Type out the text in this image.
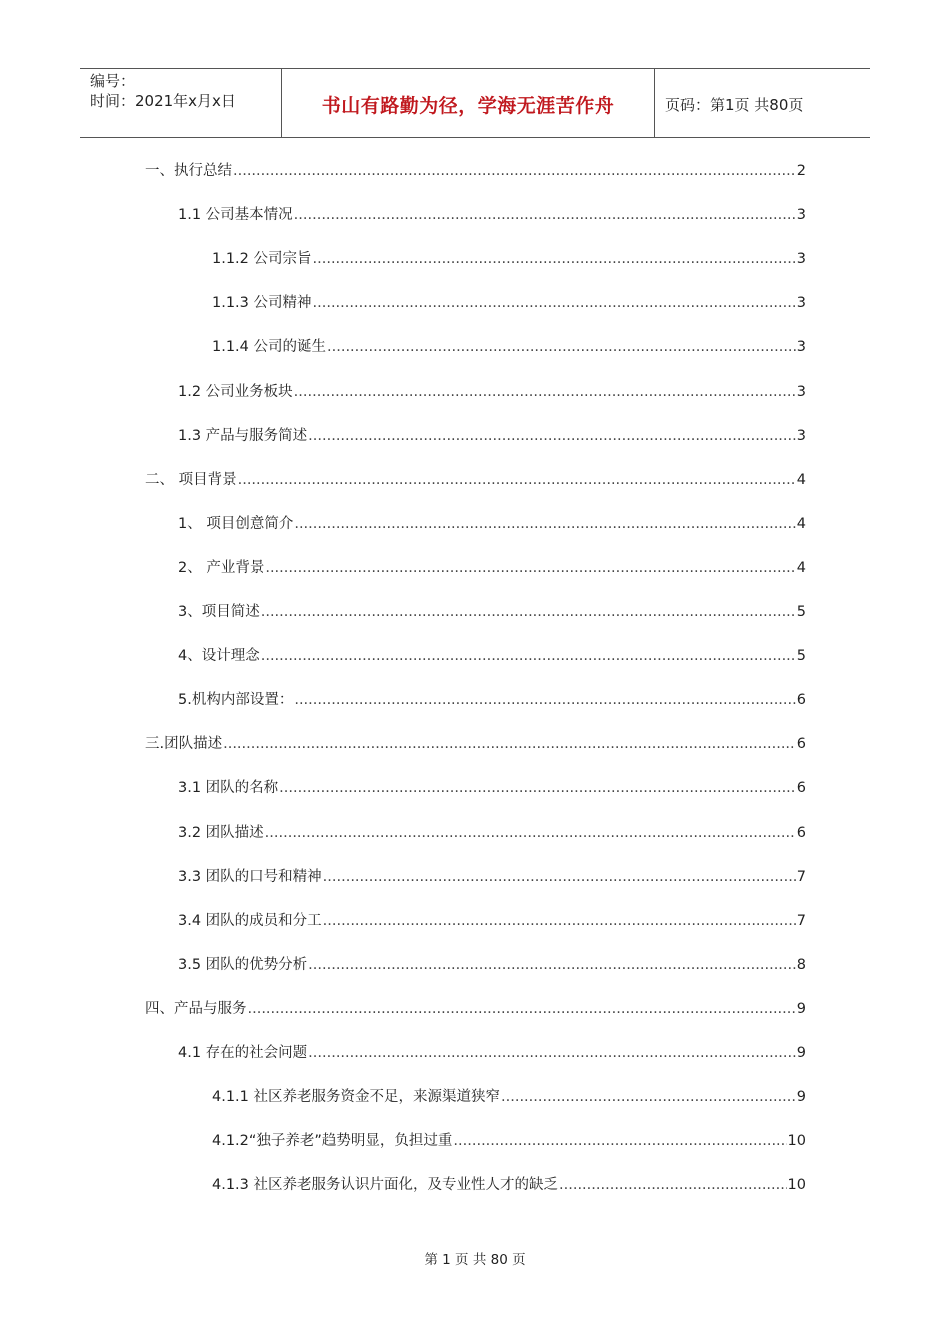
编号：
时间：2021年x月x日	书山有路勤为径，学海无涯苦作舟	页码：第1页 共80页
一、执行总结 .....	2
1.1 公司基本情况 .....	3
1.1.2 公司宗旨 .....	3
1.1.3 公司精神 .....	3
1.1.4 公司的诞生 .....	3
1.2 公司业务板块 .....	3
1.3 产品与服务简述 .....	3
二、 项目背景 .....	4
1、 项目创意简介 .....	4
2、 产业背景 .....	4
3、项目简述 .....	5
4、设计理念 .....	5
5.机构内部设置： .....	6
三.团队描述 .....	6
3.1 团队的名称 .....	6
3.2 团队描述 .....	6
3.3 团队的口号和精神 .....	7
3.4 团队的成员和分工 .....	7
3.5 团队的优势分析 .....	8
四、产品与服务 .....	9
4.1 存在的社会问题 .....	9
4.1.1 社区养老服务资金不足，来源渠道狭窄 .....	9
4.1.2“独子养老”趋势明显，负担过重 .....	10
4.1.3 社区养老服务认识片面化，及专业性人才的缺乏 .....	10
第 1 页 共 80 页
